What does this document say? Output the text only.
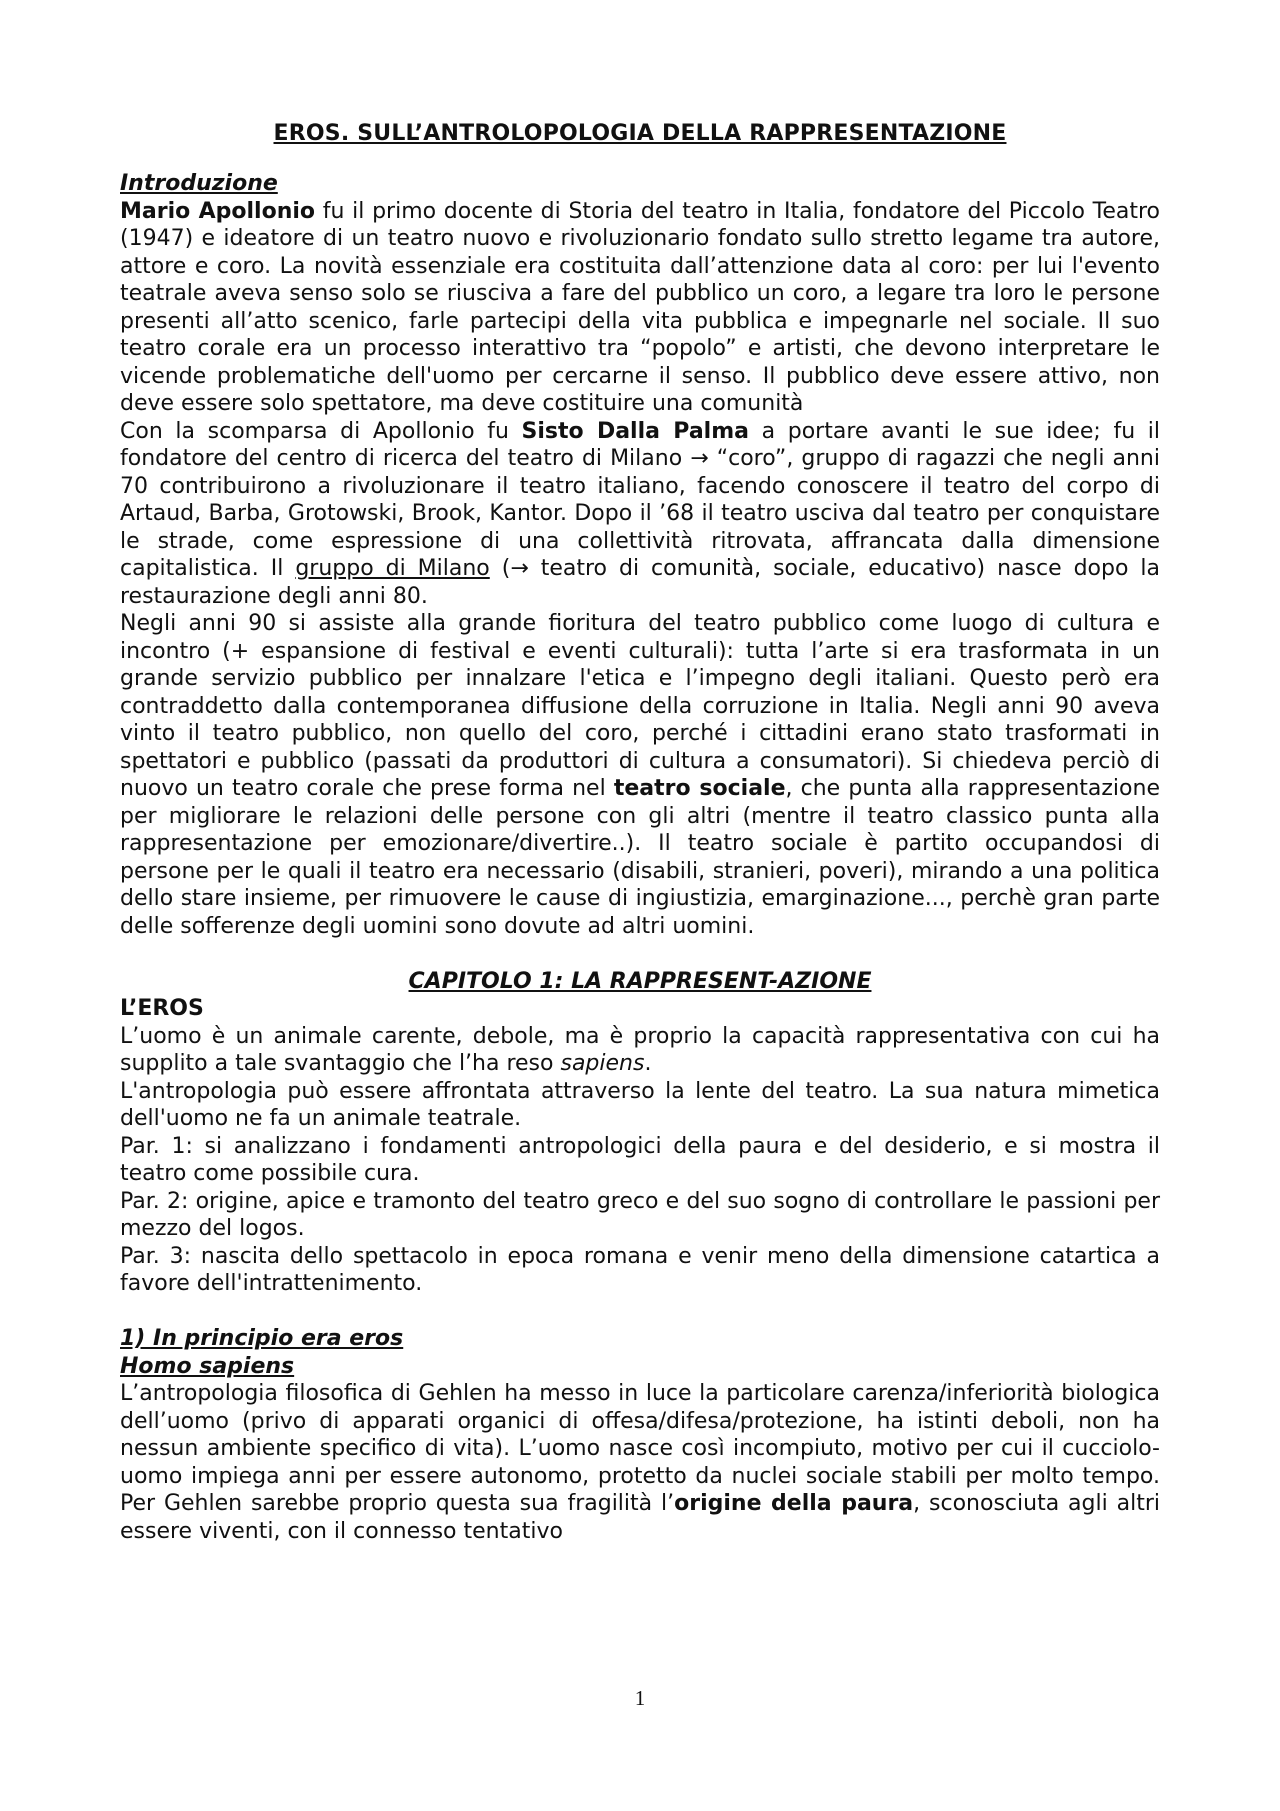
EROS. SULL’ANTROLOPOLOGIA DELLA RAPPRESENTAZIONE
Introduzione

Mario Apollonio fu il primo docente di Storia del teatro in Italia, fondatore del Piccolo Teatro (1947) e ideatore di un teatro nuovo e rivoluzionario fondato sullo stretto legame tra autore, attore e coro. La novità essenziale era costituita dall’attenzione data al coro: per lui l'evento teatrale aveva senso solo se riusciva a fare del pubblico un coro, a legare tra loro le persone presenti all’atto scenico, farle partecipi della vita pubblica e impegnarle nel sociale. Il suo teatro corale era un processo interattivo tra “popolo” e artisti, che devono interpretare le vicende problematiche dell'uomo per cercarne il senso. Il pubblico deve essere attivo, non deve essere solo spettatore, ma deve costituire una comunità

Con la scomparsa di Apollonio fu Sisto Dalla Palma a portare avanti le sue idee; fu il fondatore del centro di ricerca del teatro di Milano → “coro”, gruppo di ragazzi che negli anni 70 contribuirono a rivoluzionare il teatro italiano, facendo conoscere il teatro del corpo di Artaud, Barba, Grotowski, Brook, Kantor. Dopo il ’68 il teatro usciva dal teatro per conquistare le strade, come espressione di una collettività ritrovata, affrancata dalla dimensione capitalistica. Il gruppo di Milano (→ teatro di comunità, sociale, educativo) nasce dopo la restaurazione degli anni 80.

Negli anni 90 si assiste alla grande fioritura del teatro pubblico come luogo di cultura e incontro (+ espansione di festival e eventi culturali): tutta l’arte si era trasformata in un grande servizio pubblico per innalzare l'etica e l’impegno degli italiani. Questo però era contraddetto dalla contemporanea diffusione della corruzione in Italia. Negli anni 90 aveva vinto il teatro pubblico, non quello del coro, perché i cittadini erano stato trasformati in spettatori e pubblico (passati da produttori di cultura a consumatori). Si chiedeva perciò di nuovo un teatro corale che prese forma nel teatro sociale, che punta alla rappresentazione per migliorare le relazioni delle persone con gli altri (mentre il teatro classico punta alla rappresentazione per emozionare/divertire..). Il teatro sociale è partito occupandosi di persone per le quali il teatro era necessario (disabili, stranieri, poveri), mirando a una politica dello stare insieme, per rimuovere le cause di ingiustizia, emarginazione..., perchè gran parte delle sofferenze degli uomini sono dovute ad altri uomini.

CAPITOLO 1: LA RAPPRESENT-AZIONE
L’EROS

L’uomo è un animale carente, debole, ma è proprio la capacità rappresentativa con cui ha supplito a tale svantaggio che l’ha reso sapiens.

L'antropologia può essere affrontata attraverso la lente del teatro. La sua natura mimetica dell'uomo ne fa un animale teatrale.

Par. 1: si analizzano i fondamenti antropologici della paura e del desiderio, e si mostra il teatro come possibile cura.

Par. 2: origine, apice e tramonto del teatro greco e del suo sogno di controllare le passioni per mezzo del logos.

Par. 3: nascita dello spettacolo in epoca romana e venir meno della dimensione catartica a favore dell'intrattenimento.

1) In principio era eros
Homo sapiens

L’antropologia filosofica di Gehlen ha messo in luce la particolare carenza/inferiorità biologica dell’uomo (privo di apparati organici di offesa/difesa/protezione, ha istinti deboli, non ha nessun ambiente specifico di vita). L’uomo nasce così incompiuto, motivo per cui il cucciolo-uomo impiega anni per essere autonomo, protetto da nuclei sociale stabili per molto tempo. Per Gehlen sarebbe proprio questa sua fragilità l’origine della paura, sconosciuta agli altri essere viventi, con il connesso tentativo

1
